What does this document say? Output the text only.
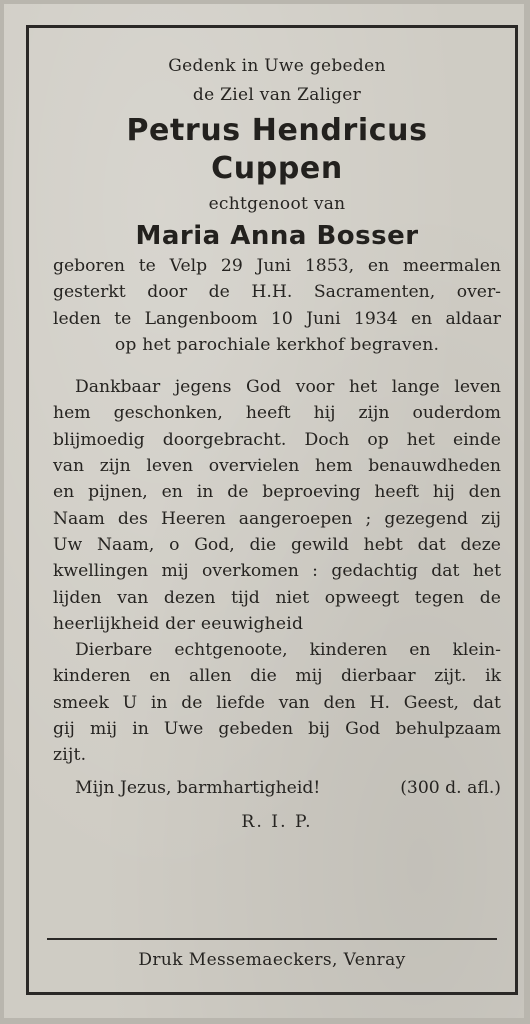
Gedenk in Uwe gebeden
de Ziel van Zaliger
Petrus Hendricus
Cuppen
echtgenoot van
Maria Anna Bosser
geboren te Velp 29 Juni 1853, en meermalen
gesterkt door de H.H. Sacramenten, over-
leden te Langenboom 10 Juni 1934 en aldaar
op het parochiale kerkhof begraven.
Dankbaar jegens God voor het lange leven
hem geschonken, heeft hij zijn ouderdom
blijmoedig doorgebracht. Doch op het einde
van zijn leven overvielen hem benauwdheden
en pijnen, en in de beproeving heeft hij den
Naam des Heeren aangeroepen ; gezegend zij
Uw Naam, o God, die gewild hebt dat deze
kwellingen mij overkomen : gedachtig dat het
lijden van dezen tijd niet opweegt tegen de
heerlijkheid der eeuwigheid
Dierbare echtgenoote, kinderen en klein-
kinderen en allen die mij dierbaar zijt. ik
smeek U in de liefde van den H. Geest, dat
gij mij in Uwe gebeden bij God behulpzaam
zijt.
Mijn Jezus, barmhartigheid!	(300 d. afl.)
R. I. P.
Druk Messemaeckers, Venray
